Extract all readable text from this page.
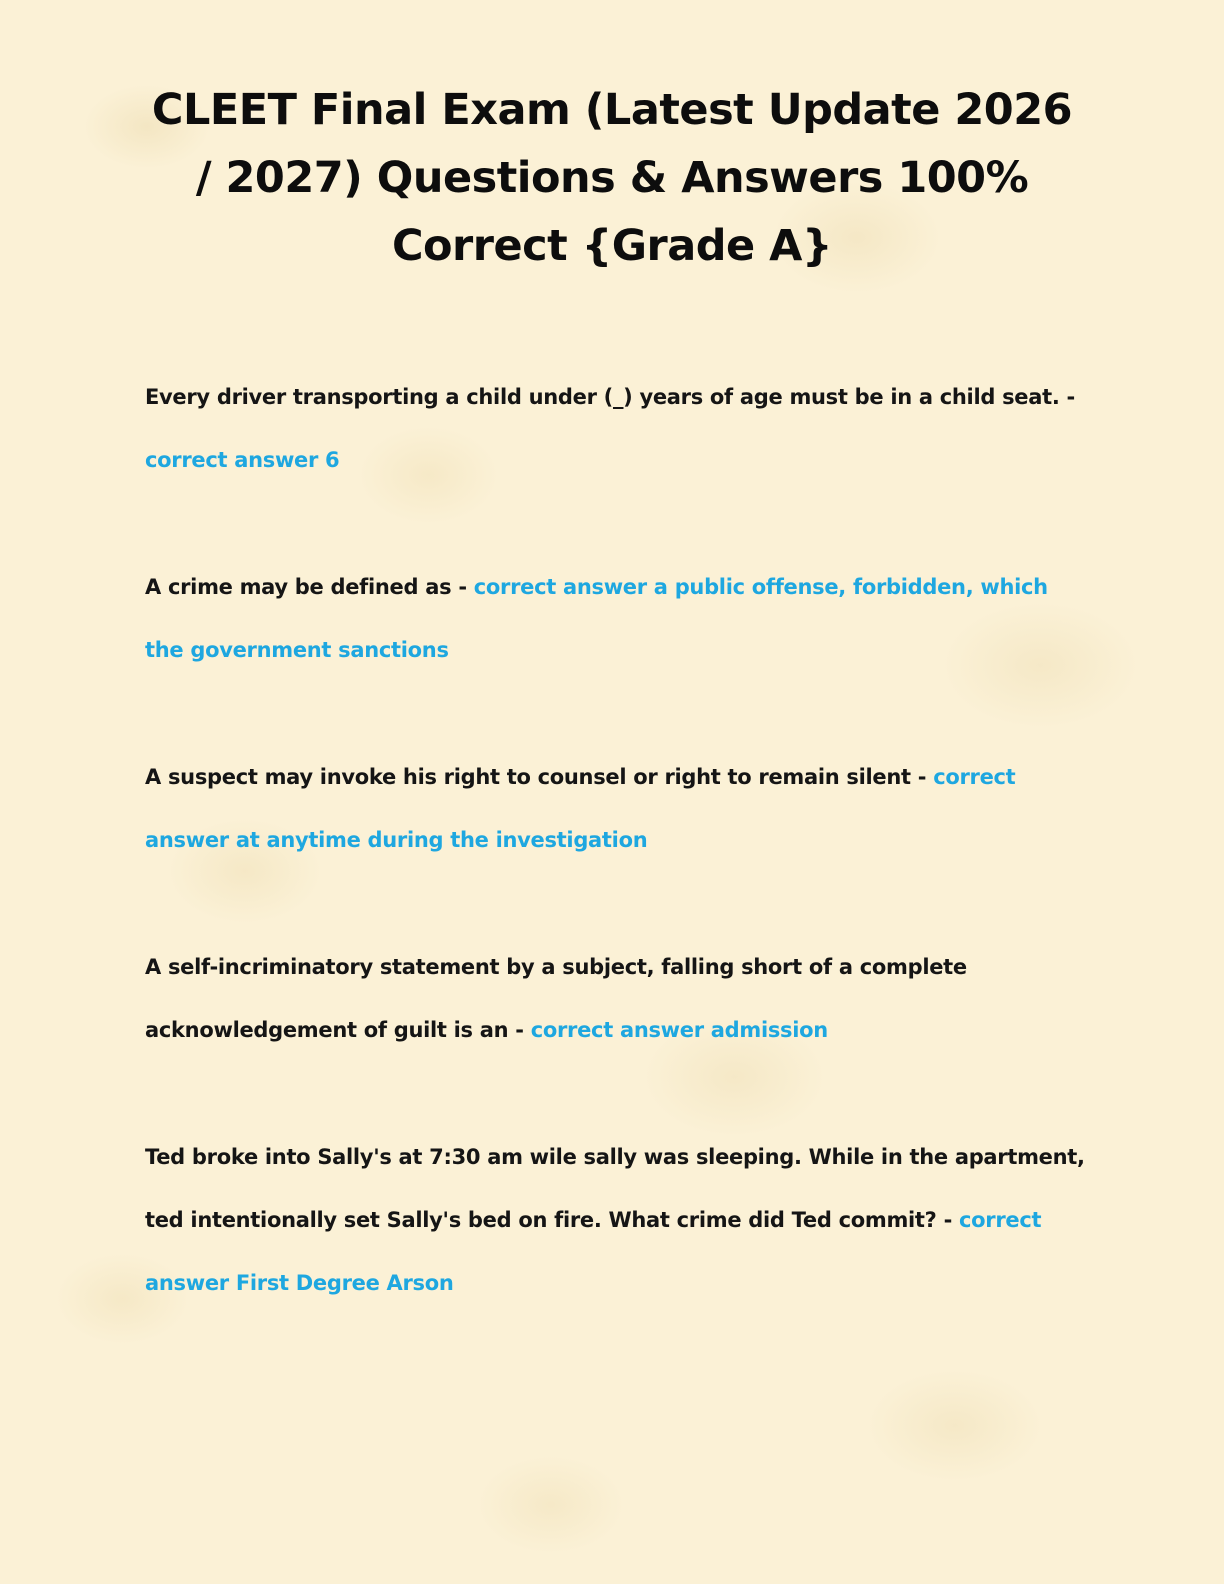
CLEET Final Exam (Latest Update 2026 / 2027) Questions & Answers 100% Correct {Grade A}

Every driver transporting a child under (_) years of age must be in a child seat. - correct answer 6

A crime may be defined as - correct answer a public offense, forbidden, which the government sanctions

A suspect may invoke his right to counsel or right to remain silent - correct answer at anytime during the investigation

A self-incriminatory statement by a subject, falling short of a complete acknowledgement of guilt is an - correct answer admission

Ted broke into Sally's at 7:30 am wile sally was sleeping. While in the apartment, ted intentionally set Sally's bed on fire. What crime did Ted commit? - correct answer First Degree Arson
